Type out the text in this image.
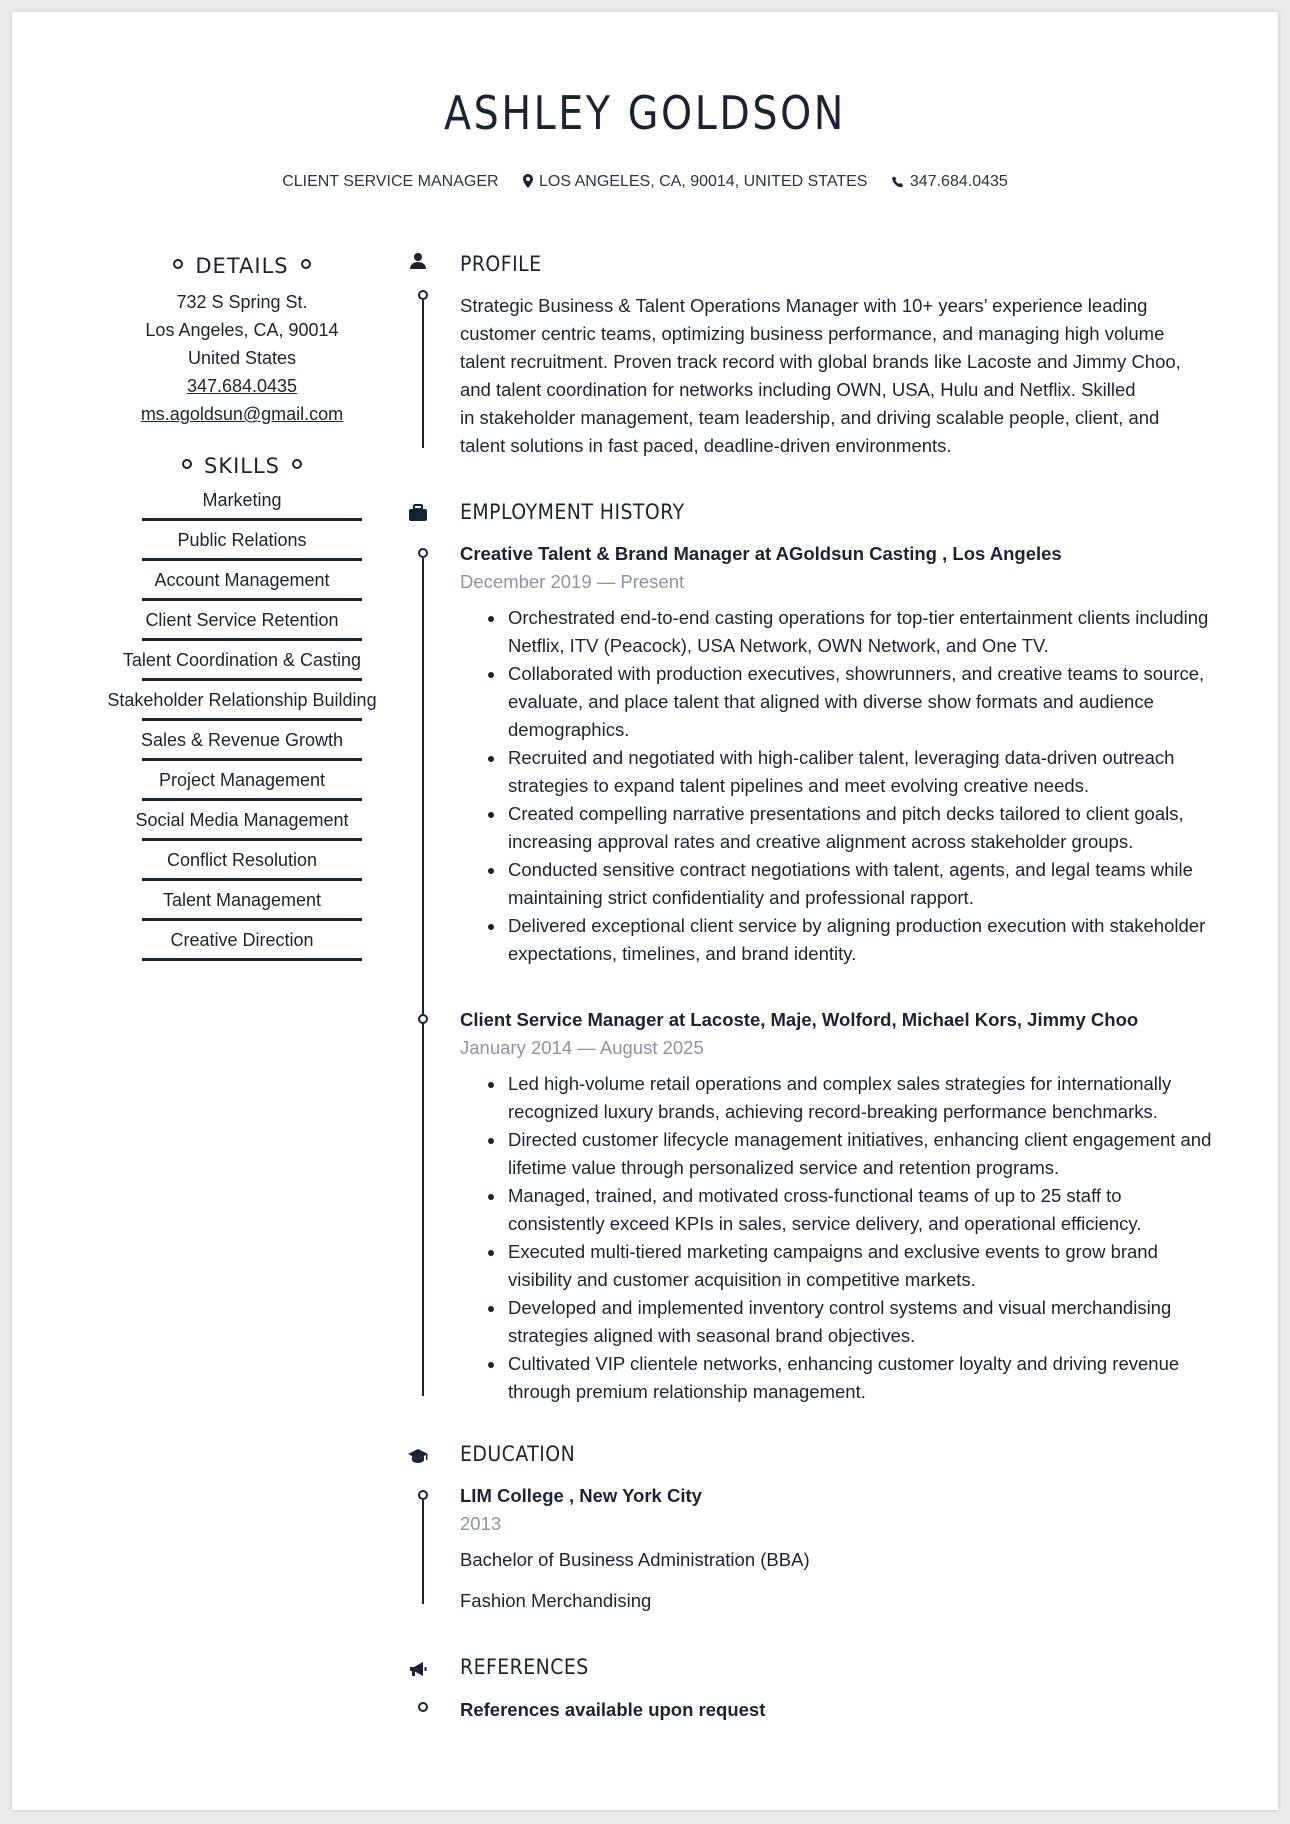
ASHLEY GOLDSON
CLIENT SERVICE MANAGER	LOS ANGELES, CA, 90014, UNITED STATES	347.684.0435
DETAILS
732 S Spring St.
Los Angeles, CA, 90014
United States
347.684.0435
ms.agoldsun@gmail.com
SKILLS
Marketing
Public Relations
Account Management
Client Service Retention
Talent Coordination & Casting
Stakeholder Relationship Building
Sales & Revenue Growth
Project Management
Social Media Management
Conflict Resolution
Talent Management
Creative Direction
PROFILE
Strategic Business & Talent Operations Manager with 10+ years’ experience leading
customer centric teams, optimizing business performance, and managing high volume
talent recruitment. Proven track record with global brands like Lacoste and Jimmy Choo,
and talent coordination for networks including OWN, USA, Hulu and Netflix. Skilled
in stakeholder management, team leadership, and driving scalable people, client, and
talent solutions in fast paced, deadline-driven environments.
EMPLOYMENT HISTORY
Creative Talent & Brand Manager at AGoldsun Casting , Los Angeles
December 2019 — Present
• Orchestrated end-to-end casting operations for top-tier entertainment clients including Netflix, ITV (Peacock), USA Network, OWN Network, and One TV.
• Collaborated with production executives, showrunners, and creative teams to source, evaluate, and place talent that aligned with diverse show formats and audience demographics.
• Recruited and negotiated with high-caliber talent, leveraging data-driven outreach strategies to expand talent pipelines and meet evolving creative needs.
• Created compelling narrative presentations and pitch decks tailored to client goals, increasing approval rates and creative alignment across stakeholder groups.
• Conducted sensitive contract negotiations with talent, agents, and legal teams while maintaining strict confidentiality and professional rapport.
• Delivered exceptional client service by aligning production execution with stakeholder expectations, timelines, and brand identity.
Client Service Manager at Lacoste, Maje, Wolford, Michael Kors, Jimmy Choo
January 2014 — August 2025
• Led high-volume retail operations and complex sales strategies for internationally recognized luxury brands, achieving record-breaking performance benchmarks.
• Directed customer lifecycle management initiatives, enhancing client engagement and lifetime value through personalized service and retention programs.
• Managed, trained, and motivated cross-functional teams of up to 25 staff to consistently exceed KPIs in sales, service delivery, and operational efficiency.
• Executed multi-tiered marketing campaigns and exclusive events to grow brand visibility and customer acquisition in competitive markets.
• Developed and implemented inventory control systems and visual merchandising strategies aligned with seasonal brand objectives.
• Cultivated VIP clientele networks, enhancing customer loyalty and driving revenue through premium relationship management.
EDUCATION
LIM College , New York City
2013
Bachelor of Business Administration (BBA)
Fashion Merchandising
REFERENCES
References available upon request
